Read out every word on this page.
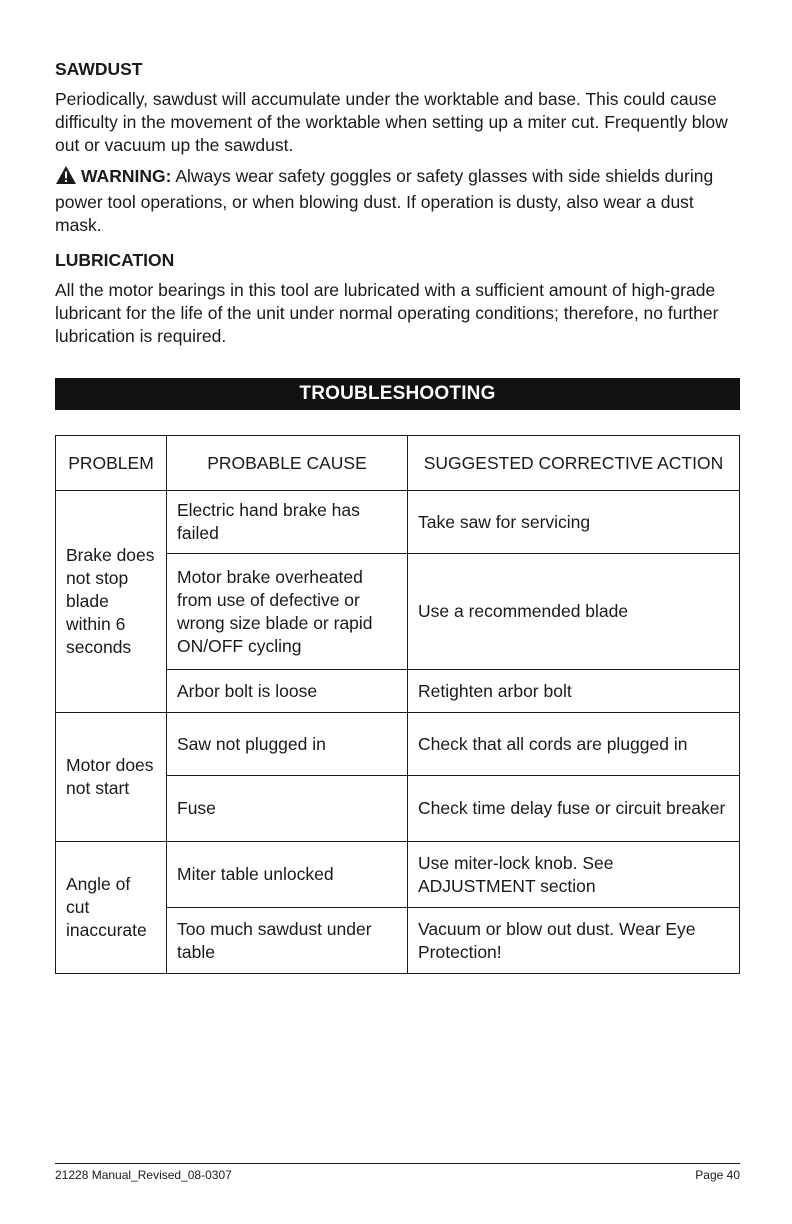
SAWDUST

Periodically, sawdust will accumulate under the worktable and base. This could cause difficulty in the movement of the worktable when setting up a miter cut. Frequently blow out or vacuum up the sawdust.

WARNING: Always wear safety goggles or safety glasses with side shields during power tool operations, or when blowing dust. If operation is dusty, also wear a dust mask.

LUBRICATION

All the motor bearings in this tool are lubricated with a sufficient amount of high-grade lubricant for the life of the unit under normal operating conditions; therefore, no further lubrication is required.

TROUBLESHOOTING
PROBLEM	PROBABLE CAUSE	SUGGESTED CORRECTIVE ACTION
Brake does not stop blade within 6 seconds	Electric hand brake has failed	Take saw for servicing
	Motor brake overheated from use of defective or wrong size blade or rapid ON/OFF cycling	Use a recommended blade
	Arbor bolt is loose	Retighten arbor bolt
Motor does not start	Saw not plugged in	Check that all cords are plugged in
	Fuse	Check time delay fuse or circuit breaker
Angle of cut inaccurate	Miter table unlocked	Use miter-lock knob. See ADJUSTMENT section
	Too much sawdust under table	Vacuum or blow out dust. Wear Eye Protection!
21228 Manual_Revised_08-0307	Page 40
